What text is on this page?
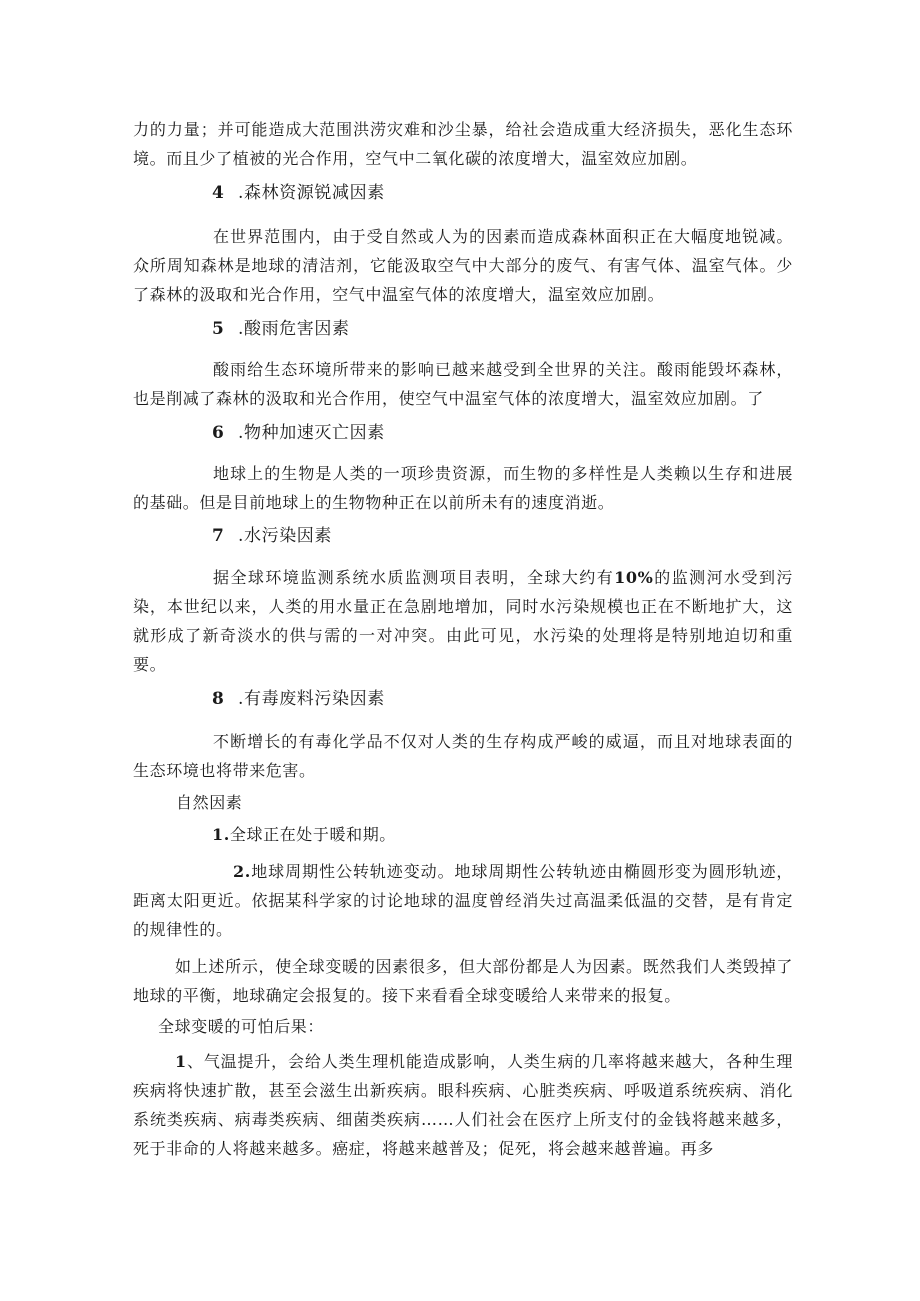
力的力量；并可能造成大范围洪涝灾难和沙尘暴，给社会造成重大经济损失，恶化生态环境。而且少了植被的光合作用，空气中二氧化碳的浓度增大，温室效应加剧。

4 .森林资源锐减因素

在世界范围内，由于受自然或人为的因素而造成森林面积正在大幅度地锐减。众所周知森林是地球的清洁剂，它能汲取空气中大部分的废气、有害气体、温室气体。少了森林的汲取和光合作用，空气中温室气体的浓度增大，温室效应加剧。

5 .酸雨危害因素

酸雨给生态环境所带来的影响已越来越受到全世界的关注。酸雨能毁坏森林，也是削减了森林的汲取和光合作用，使空气中温室气体的浓度增大，温室效应加剧。了

6 .物种加速灭亡因素

地球上的生物是人类的一项珍贵资源，而生物的多样性是人类赖以生存和进展的基础。但是目前地球上的生物物种正在以前所未有的速度消逝。

7 .水污染因素

据全球环境监测系统水质监测项目表明，全球大约有10%的监测河水受到污染，本世纪以来，人类的用水量正在急剧地增加，同时水污染规模也正在不断地扩大，这就形成了新奇淡水的供与需的一对冲突。由此可见，水污染的处理将是特别地迫切和重要。

8 .有毒废料污染因素

不断增长的有毒化学品不仅对人类的生存构成严峻的威逼，而且对地球表面的生态环境也将带来危害。

自然因素
1.全球正在处于暖和期。

2.地球周期性公转轨迹变动。地球周期性公转轨迹由椭圆形变为圆形轨迹，距离太阳更近。依据某科学家的讨论地球的温度曾经消失过高温柔低温的交替，是有肯定的规律性的。

如上述所示，使全球变暖的因素很多，但大部份都是人为因素。既然我们人类毁掉了地球的平衡，地球确定会报复的。接下来看看全球变暖给人来带来的报复。

全球变暖的可怕后果：

1、气温提升，会给人类生理机能造成影响，人类生病的几率将越来越大，各种生理疾病将快速扩散，甚至会滋生出新疾病。眼科疾病、心脏类疾病、呼吸道系统疾病、消化系统类疾病、病毒类疾病、细菌类疾病……人们社会在医疗上所支付的金钱将越来越多，死于非命的人将越来越多。癌症，将越来越普及；促死，将会越来越普遍。再多
